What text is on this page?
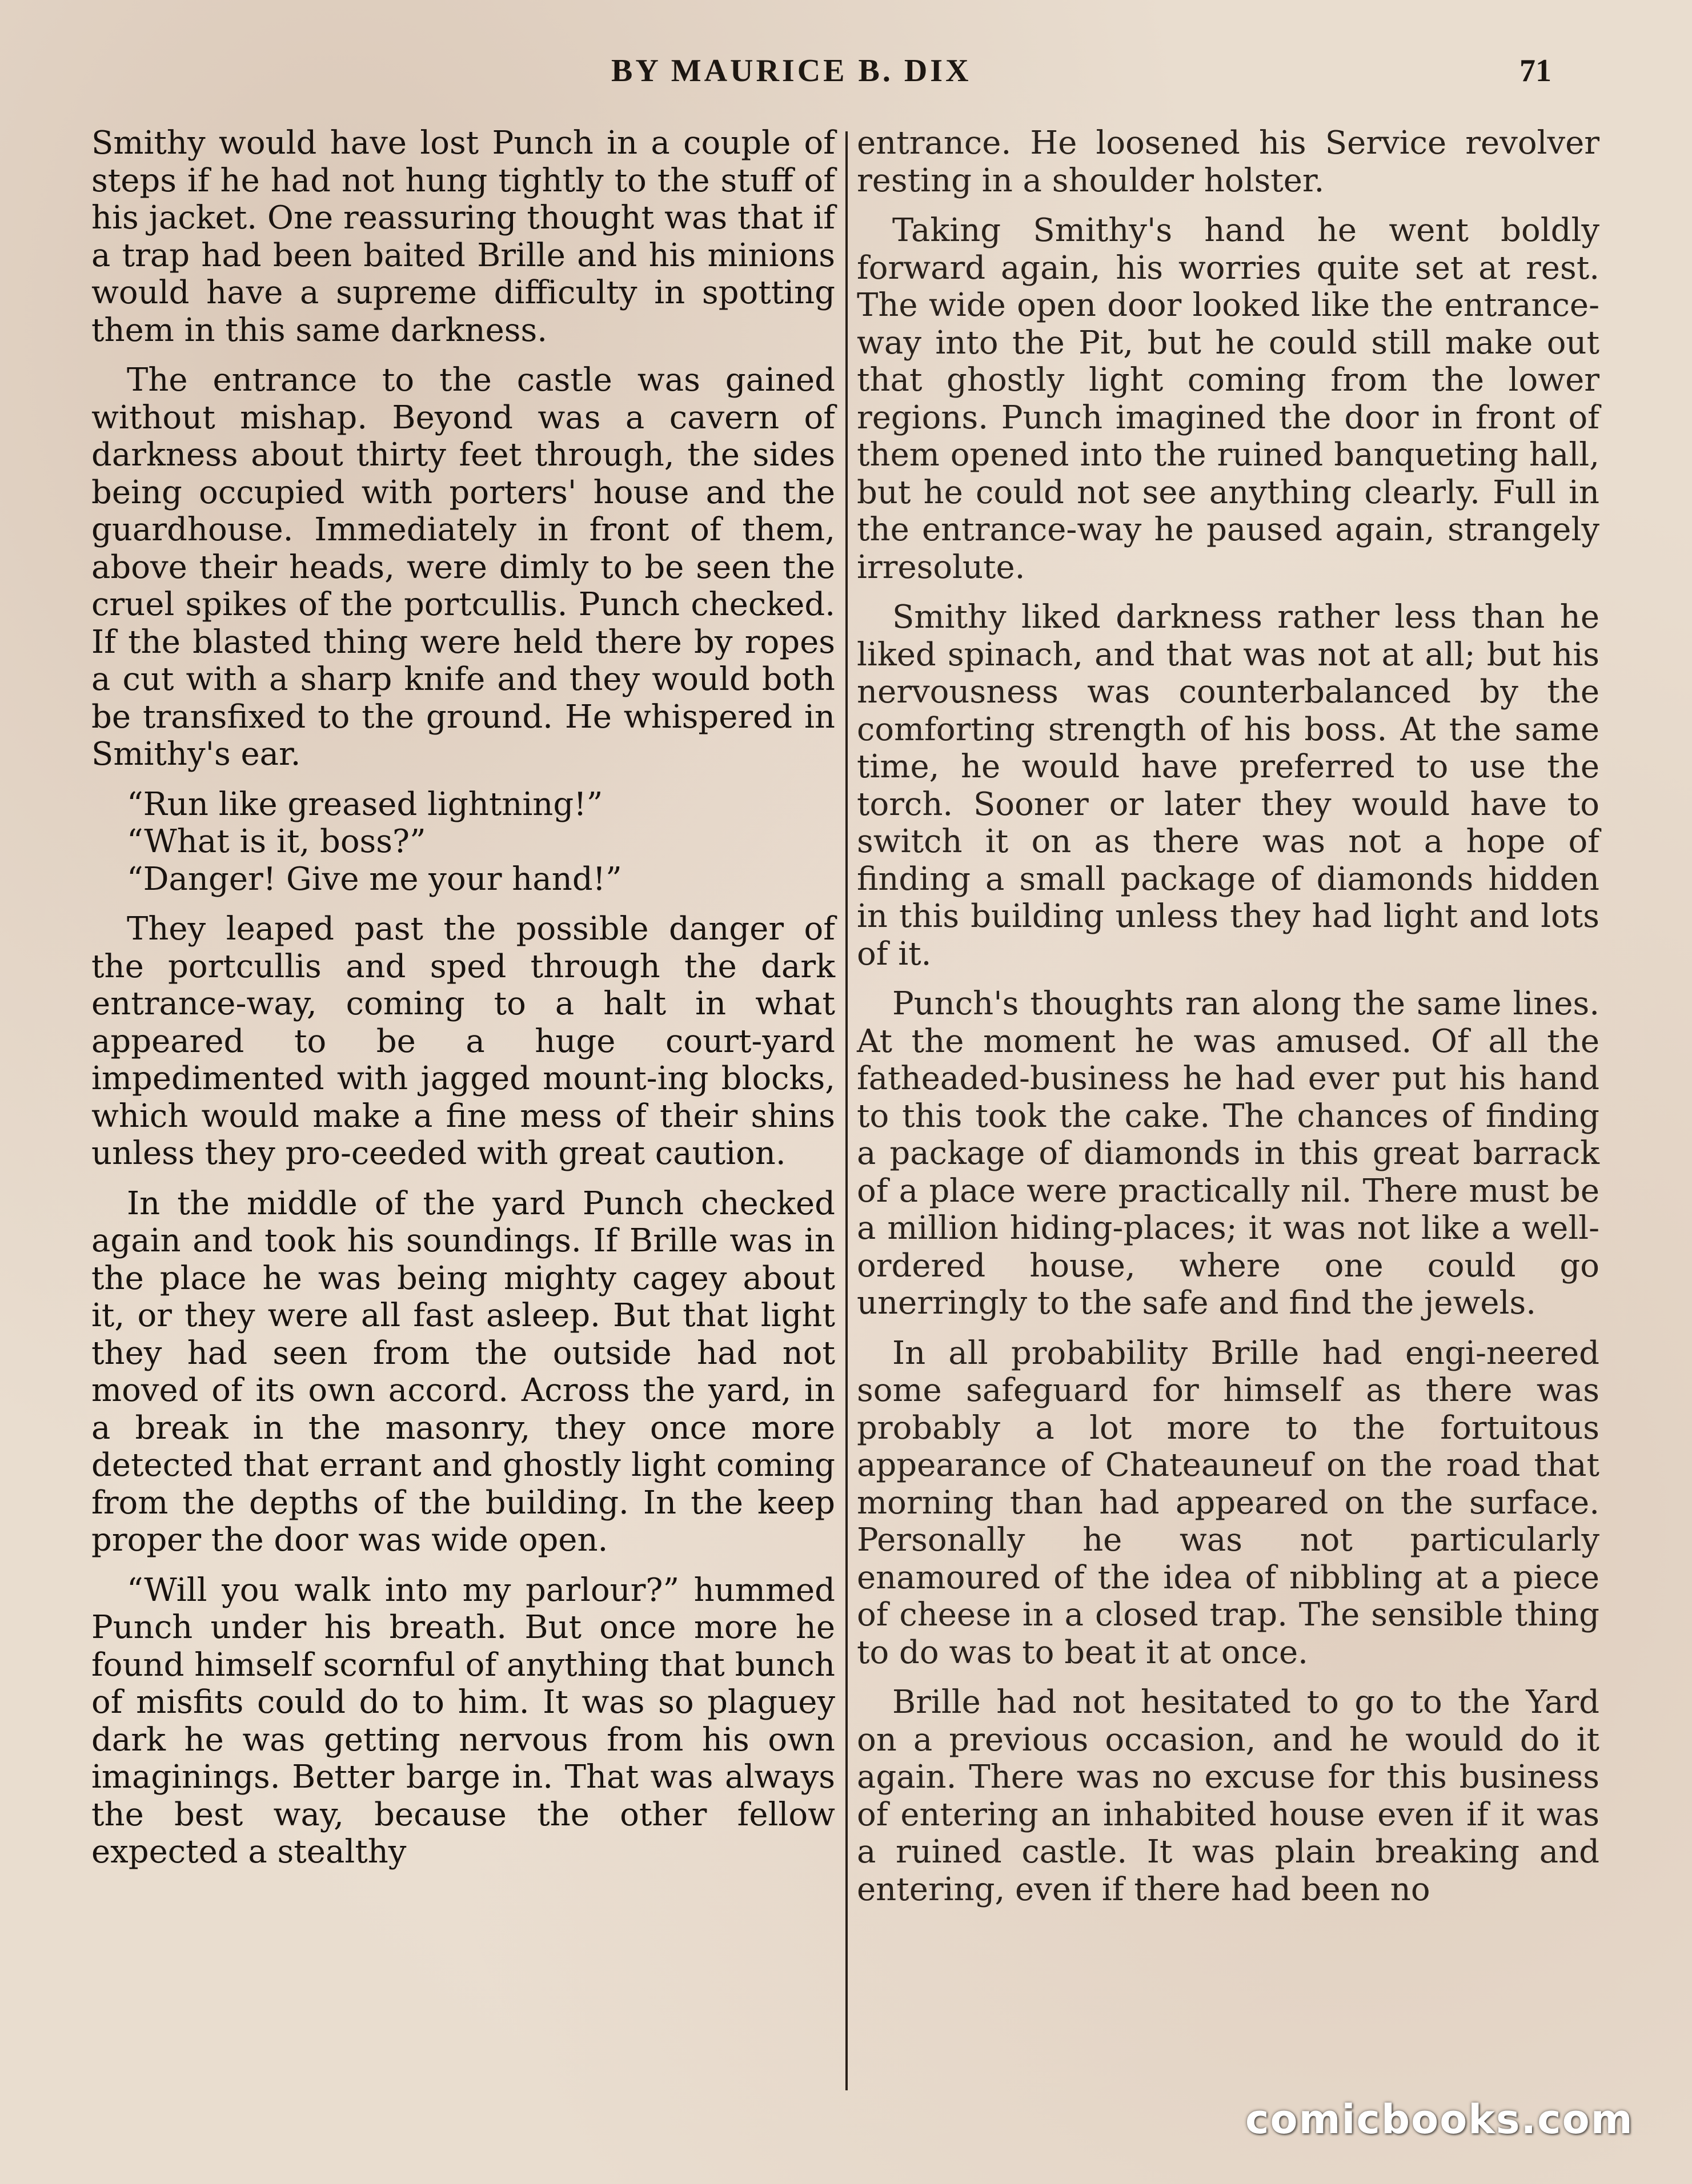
BY MAURICE B. DIX	71

Smithy would have lost Punch in a couple of steps if he had not hung tightly to the stuff of his jacket. One reassuring thought was that if a trap had been baited Brille and his minions would have a supreme difficulty in spotting them in this same darkness.

The entrance to the castle was gained without mishap. Beyond was a cavern of darkness about thirty feet through, the sides being occupied with porters' house and the guardhouse. Immediately in front of them, above their heads, were dimly to be seen the cruel spikes of the portcullis. Punch checked. If the blasted thing were held there by ropes a cut with a sharp knife and they would both be transfixed to the ground. He whispered in Smithy's ear.

“Run like greased lightning!”

“What is it, boss?”

“Danger! Give me your hand!”

They leaped past the possible danger of the portcullis and sped through the dark entrance-way, coming to a halt in what appeared to be a huge court-yard impedimented with jagged mount-ing blocks, which would make a fine mess of their shins unless they pro-ceeded with great caution.

In the middle of the yard Punch checked again and took his soundings. If Brille was in the place he was being mighty cagey about it, or they were all fast asleep. But that light they had seen from the outside had not moved of its own accord. Across the yard, in a break in the masonry, they once more detected that errant and ghostly light coming from the depths of the building. In the keep proper the door was wide open.

“Will you walk into my parlour?” hummed Punch under his breath. But once more he found himself scornful of anything that bunch of misfits could do to him. It was so plaguey dark he was getting nervous from his own imaginings. Better barge in. That was always the best way, because the other fellow expected a stealthy

entrance. He loosened his Service revolver resting in a shoulder holster.

Taking Smithy's hand he went boldly forward again, his worries quite set at rest. The wide open door looked like the entrance-way into the Pit, but he could still make out that ghostly light coming from the lower regions. Punch imagined the door in front of them opened into the ruined banqueting hall, but he could not see anything clearly. Full in the entrance-way he paused again, strangely irresolute.

Smithy liked darkness rather less than he liked spinach, and that was not at all; but his nervousness was counterbalanced by the comforting strength of his boss. At the same time, he would have preferred to use the torch. Sooner or later they would have to switch it on as there was not a hope of finding a small package of diamonds hidden in this building unless they had light and lots of it.

Punch's thoughts ran along the same lines. At the moment he was amused. Of all the fatheaded-business he had ever put his hand to this took the cake. The chances of finding a package of diamonds in this great barrack of a place were practically nil. There must be a million hiding-places; it was not like a well-ordered house, where one could go unerringly to the safe and find the jewels.

In all probability Brille had engi-neered some safeguard for himself as there was probably a lot more to the fortuitous appearance of Chateauneuf on the road that morning than had appeared on the surface. Personally he was not particularly enamoured of the idea of nibbling at a piece of cheese in a closed trap. The sensible thing to do was to beat it at once.

Brille had not hesitated to go to the Yard on a previous occasion, and he would do it again. There was no excuse for this business of entering an inhabited house even if it was a ruined castle. It was plain breaking and entering, even if there had been no

comicbooks.com
